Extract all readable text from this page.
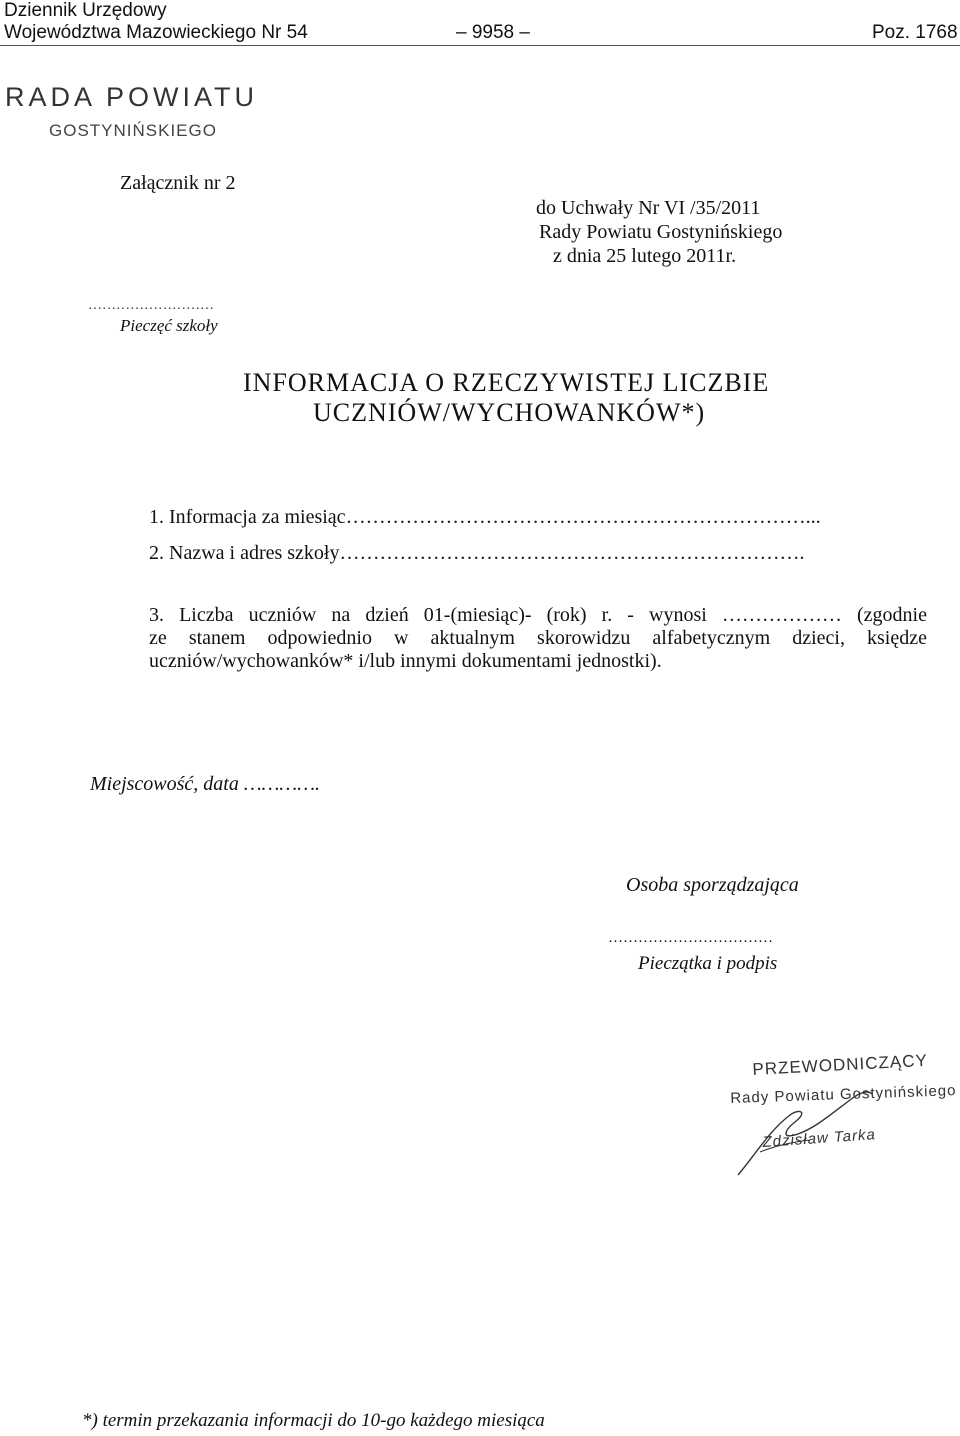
Dziennik Urzędowy
Województwa Mazowieckiego Nr 54	– 9958 –	Poz. 1768
RADA POWIATU
GOSTYNIŃSKIEGO
Załącznik nr 2
do Uchwały Nr VI /35/2011
Rady Powiatu Gostynińskiego
z dnia 25 lutego 2011r.
………………………
Pieczęć szkoły
INFORMACJA O RZECZYWISTEJ LICZBIE
UCZNIÓW/WYCHOWANKÓW*)
1. Informacja za miesiąc……………………………………………………………...
2. Nazwa i adres szkoły…………………………………………………………….
3. Liczba uczniów na dzień 01-(miesiąc)- (rok) r. - wynosi ……………… (zgodnie
ze stanem odpowiednio w aktualnym skorowidzu alfabetycznym dzieci, księdze
uczniów/wychowanków* i/lub innymi dokumentami jednostki).
Miejscowość, data ………….
Osoba sporządzająca
……………………………
Pieczątka i podpis
PRZEWODNICZĄCY
Rady Powiatu Gostynińskiego
Zdzisław Tarka
*) termin przekazania informacji do 10-go każdego miesiąca
